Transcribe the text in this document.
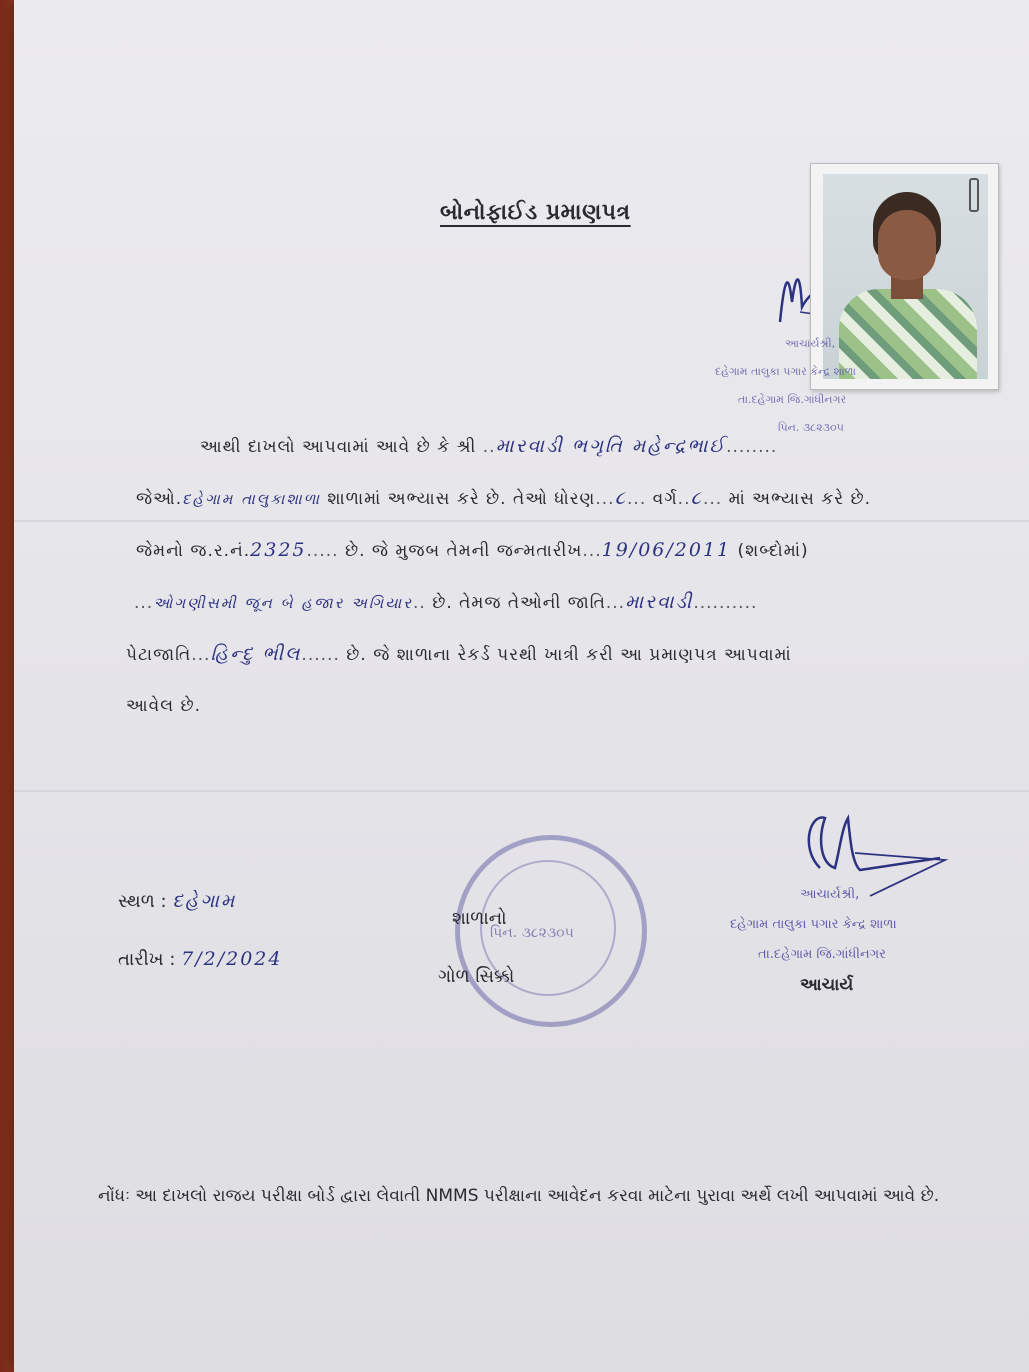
બોનોફાઈડ પ્રમાણપત્ર
આચાર્યશ્રી,
દહેગામ તાલુકા પગાર કેન્દ્ર શાળા
તા.દહેગામ જિ.ગાંધીનગર
પિન. ૩૮૨૩૦૫
આથી દાખલો આપવામાં આવે છે કે શ્રી ..મારવાડી ભગૃતિ મહેન્દ્રભાઈ........
જેઓ.દહેગામ તાલુકાશાળા શાળામાં અભ્યાસ કરે છે. તેઓ ધોરણ...૮... વર્ગ..૮... માં અભ્યાસ કરે છે.
જેમનો જ.ર.નં.2325..... છે. જે મુજબ તેમની જન્મતારીખ...19/06/2011 (શબ્દોમાં)
...ઓગણીસમી જૂન બે હજાર અગિયાર.. છે. તેમજ તેઓની જાતિ...મારવાડી..........
પેટાજાતિ...હિન્દુ ભીલ...... છે. જે શાળાના રેકર્ડ પરથી ખાત્રી કરી આ પ્રમાણપત્ર આપવામાં
આવેલ છે.
સ્થળ : દહેગામ
તારીખ : 7/2/2024
પિન. ૩૮૨૩૦૫
શાળાનો
ગોળ સિક્કો
આચાર્યશ્રી,
દહેગામ તાલુકા પગાર કેન્દ્ર શાળા
તા.દહેગામ જિ.ગાંધીનગર
આચાર્ય
નોંધઃ આ દાખલો રાજય પરીક્ષા બોર્ડ દ્વારા લેવાતી NMMS પરીક્ષાના આવેદન કરવા માટેના પુરાવા અર્થે લખી આપવામાં આવે છે.
